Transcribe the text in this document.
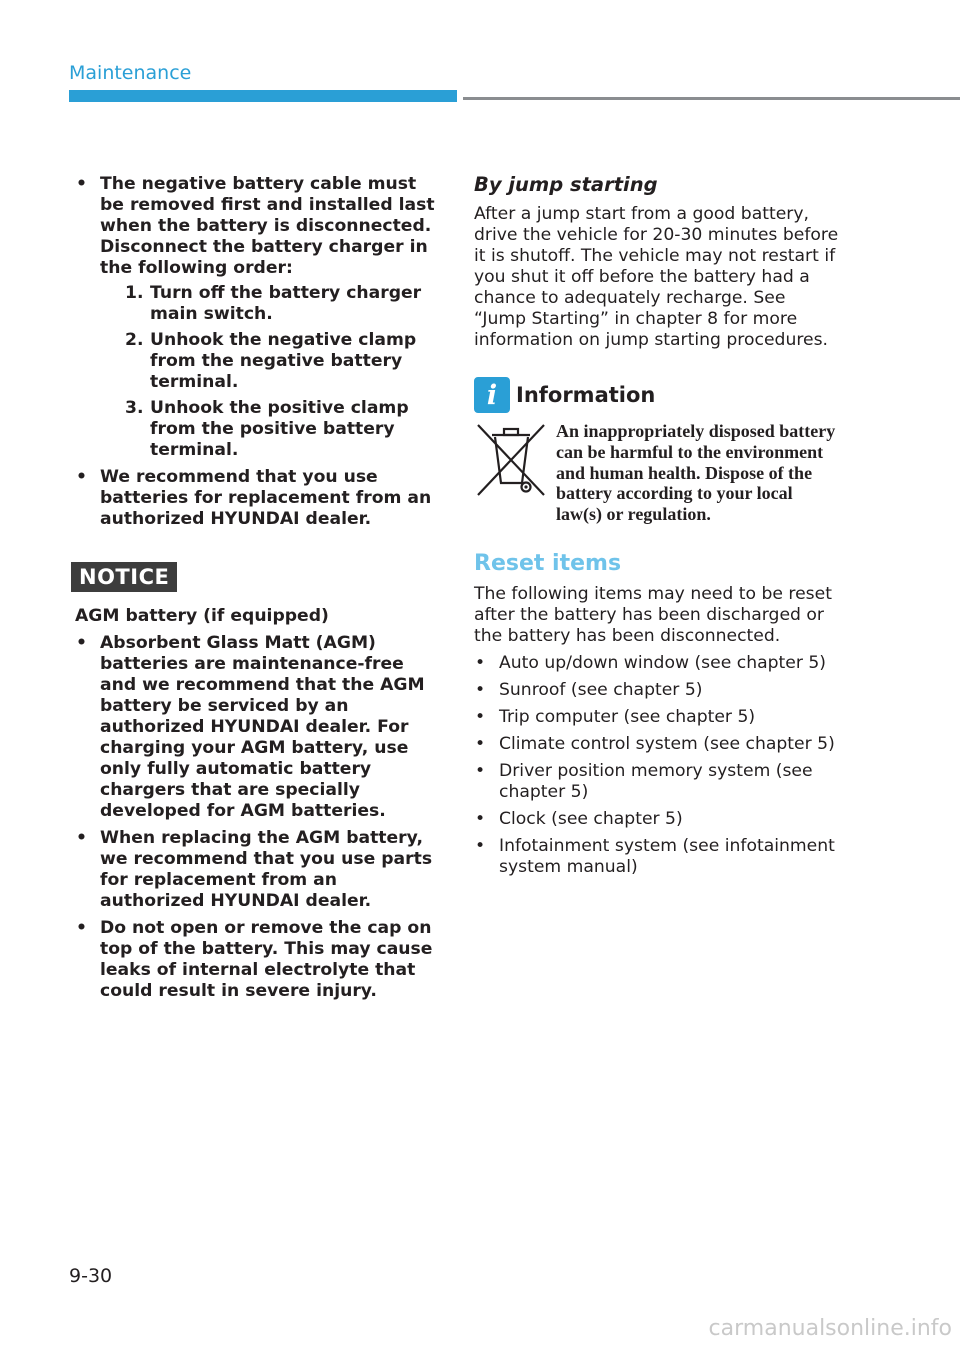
Maintenance
• The negative battery cable must be removed first and installed last when the battery is disconnected. Disconnect the battery charger in the following order:
1. Turn off the battery charger main switch.
2. Unhook the negative clamp from the negative battery terminal.
3. Unhook the positive clamp from the positive battery terminal.
• We recommend that you use batteries for replacement from an authorized HYUNDAI dealer.
NOTICE

AGM battery (if equipped)

• Absorbent Glass Matt (AGM) batteries are maintenance-free and we recommend that the AGM battery be serviced by an authorized HYUNDAI dealer. For charging your AGM battery, use only fully automatic battery chargers that are specially developed for AGM batteries.
• When replacing the AGM battery, we recommend that you use parts for replacement from an authorized HYUNDAI dealer.
• Do not open or remove the cap on top of the battery. This may cause leaks of internal electrolyte that could result in severe injury.

By jump starting

After a jump start from a good battery, drive the vehicle for 20-30 minutes before it is shutoff. The vehicle may not restart if you shut it off before the battery had a chance to adequately recharge. See “Jump Starting” in chapter 8 for more information on jump starting procedures.

i Information
An inappropriately disposed battery can be harmful to the environment and human health. Dispose of the battery according to your local law(s) or regulation.
Reset items

The following items may need to be reset after the battery has been discharged or the battery has been disconnected.

• Auto up/down window (see chapter 5)
• Sunroof (see chapter 5)
• Trip computer (see chapter 5)
• Climate control system (see chapter 5)
• Driver position memory system (see chapter 5)
• Clock (see chapter 5)
• Infotainment system (see infotainment system manual)
9-30
carmanualsonline.info
